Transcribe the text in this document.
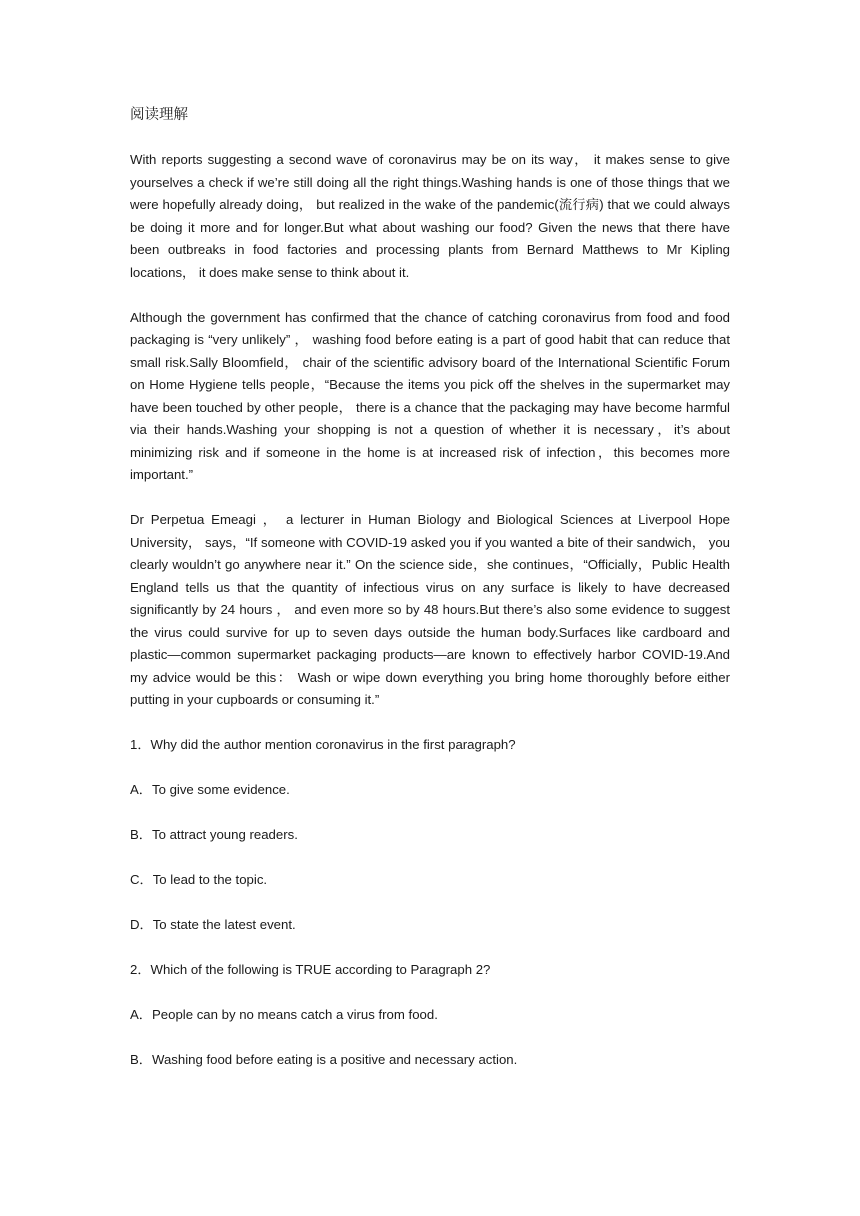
阅读理解

With reports suggesting a second wave of coronavirus may be on its way， it makes sense to give yourselves a check if we’re still doing all the right things.Washing hands is one of those things that we were hopefully already doing， but realized in the wake of the pandemic(流行病) that we could always be doing it more and for longer.But what about washing our food? Given the news that there have been outbreaks in food factories and processing plants from Bernard Matthews to Mr Kipling locations， it does make sense to think about it.

Although the government has confirmed that the chance of catching coronavirus from food and food packaging is “very unlikely” ， washing food before eating is a part of good habit that can reduce that small risk.Sally Bloomfield， chair of the scientific advisory board of the International Scientific Forum on Home Hygiene tells people，“Because the items you pick off the shelves in the supermarket may have been touched by other people， there is a chance that the packaging may have become harmful via their hands.Washing your shopping is not a question of whether it is necessary，it’s about minimizing risk and if someone in the home is at increased risk of infection，this becomes more important.”

Dr Perpetua Emeagi ， a lecturer in Human Biology and Biological Sciences at Liverpool Hope University， says，“If someone with COVID-19 asked you if you wanted a bite of their sandwich， you clearly wouldn’t go anywhere near it.” On the science side，she continues，“Officially，Public Health England tells us that the quantity of infectious virus on any surface is likely to have decreased significantly by 24 hours ， and even more so by 48 hours.But there’s also some evidence to suggest the virus could survive for up to seven days outside the human body.Surfaces like cardboard and plastic—common supermarket packaging products—are known to effectively harbor COVID-19.And my advice would be this： Wash or wipe down everything you bring home thoroughly before either putting in your cupboards or consuming it.”

1．Why did the author mention coronavirus in the first paragraph?
A．To give some evidence.
B．To attract young readers.
C．To lead to the topic.
D．To state the latest event.
2．Which of the following is TRUE according to Paragraph 2?
A．People can by no means catch a virus from food.
B．Washing food before eating is a positive and necessary action.
